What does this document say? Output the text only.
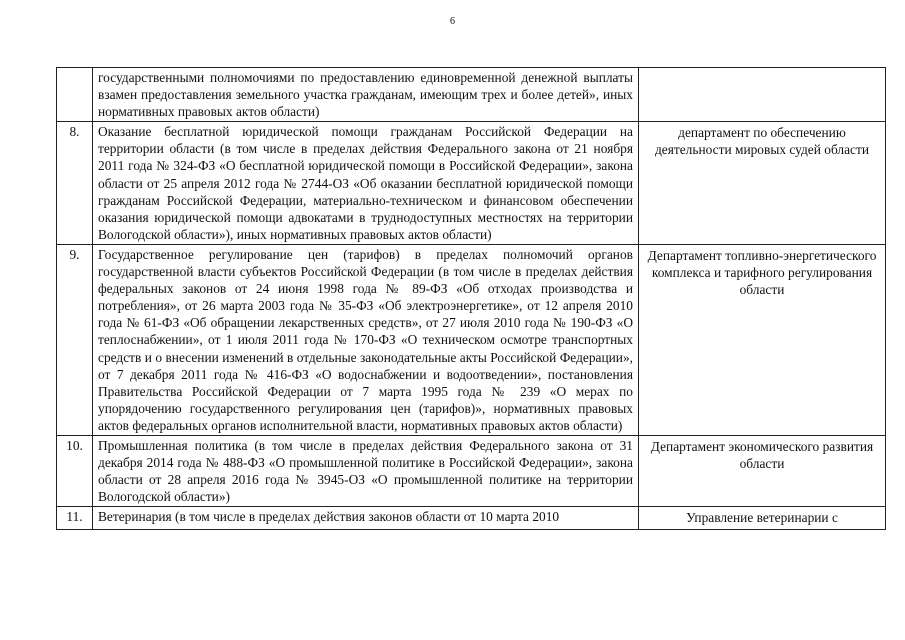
6
	государственными полномочиями по предоставлению единовременной денежной выплаты взамен предоставления земельного участка гражданам, имеющим трех и более детей», иных нормативных правовых актов области)	
8.	Оказание бесплатной юридической помощи гражданам Российской Федерации на территории области (в том числе в пределах действия Федерального закона от 21 ноября 2011 года № 324-ФЗ «О бесплатной юридической помощи в Российской Федерации», закона области от 25 апреля 2012 года № 2744-ОЗ «Об оказании бесплатной юридической помощи гражданам Российской Федерации, материально-техническом и финансовом обеспечении оказания юридической помощи адвокатами в труднодоступных местностях на территории Вологодской области»), иных нормативных правовых актов области)	департамент по обеспечению деятельности мировых судей области
9.	Государственное регулирование цен (тарифов) в пределах полномочий органов государственной власти субъектов Российской Федерации (в том числе в пределах действия федеральных законов от 24 июня 1998 года № 89-ФЗ «Об отходах производства и потребления», от 26 марта 2003 года № 35-ФЗ «Об электроэнергетике», от 12 апреля 2010 года № 61-ФЗ «Об обращении лекарственных средств», от 27 июля 2010 года № 190-ФЗ «О теплоснабжении», от 1 июля 2011 года № 170-ФЗ «О техническом осмотре транспортных средств и о внесении изменений в отдельные законодательные акты Российской Федерации», от 7 декабря 2011 года № 416-ФЗ «О водоснабжении и водоотведении», постановления Правительства Российской Федерации от 7 марта 1995 года № 239 «О мерах по упорядочению государственного регулирования цен (тарифов)», нормативных правовых актов федеральных органов исполнительной власти, нормативных правовых актов области)	Департамент топливно-энергетического комплекса и тарифного регулирования области
10.	Промышленная политика (в том числе в пределах действия Федерального закона от 31 декабря 2014 года № 488-ФЗ «О промышленной политике в Российской Федерации», закона области от 28 апреля 2016 года № 3945-ОЗ «О промышленной политике на территории Вологодской области»)	Департамент экономического развития области
11.	Ветеринария (в том числе в пределах действия законов области от 10 марта 2010	Управление ветеринарии с
